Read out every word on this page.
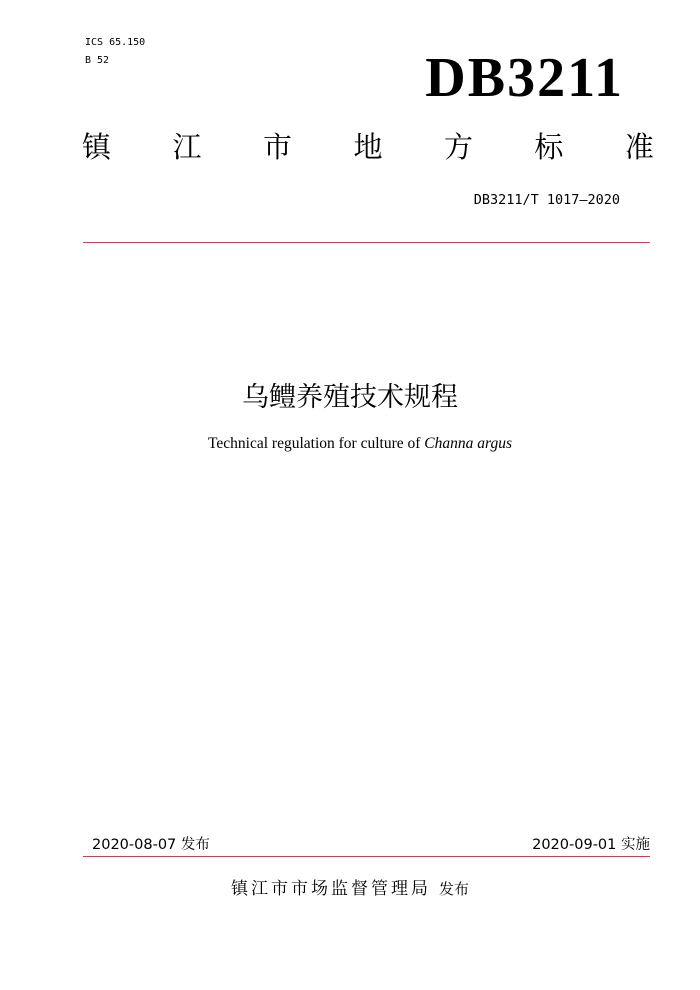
ICS 65.150
B 52	DB3211
镇 江 市 地 方 标 准
DB3211/T 1017—2020
乌鳢养殖技术规程
Technical regulation for culture of Channa argus
2020-08-07 发布	2020-09-01 实施
镇江市市场监督管理局 发布
